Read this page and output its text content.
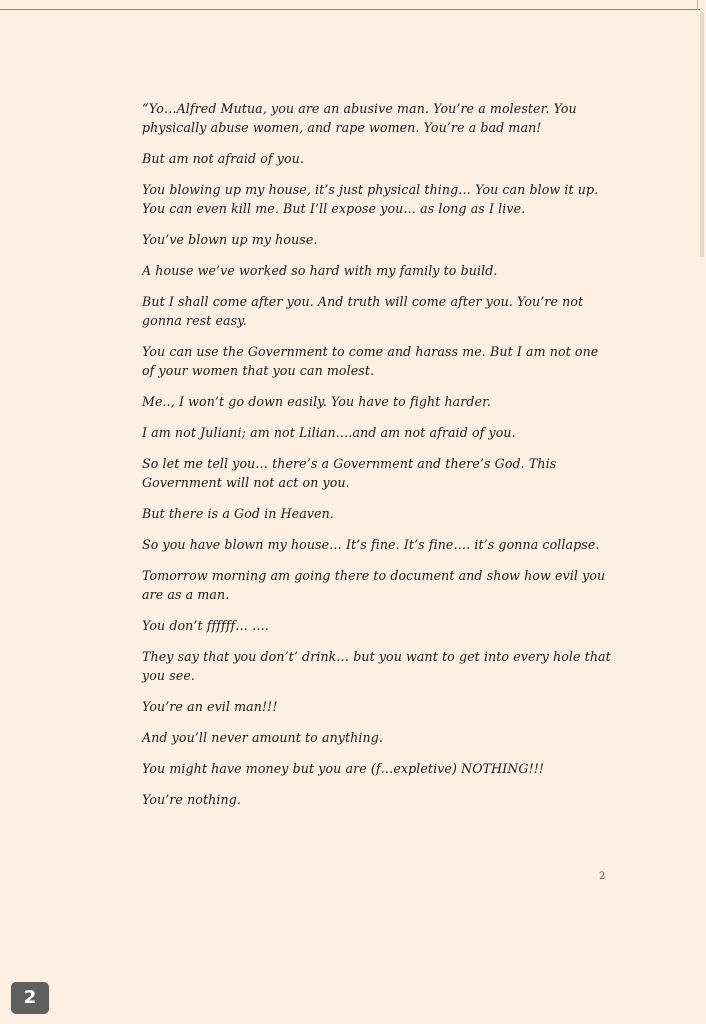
“Yo…Alfred Mutua, you are an abusive man. You’re a molester. You physically abuse women, and rape women. You’re a bad man!

But am not afraid of you.

You blowing up my house, it’s just physical thing… You can blow it up. You can even kill me. But I’ll expose you… as long as I live.

You’ve blown up my house.

A house we’ve worked so hard with my family to build.

But I shall come after you. And truth will come after you. You’re not gonna rest easy.

You can use the Government to come and harass me. But I am not one of your women that you can molest.

Me.., I won’t go down easily. You have to fight harder.

I am not Juliani; am not Lilian….and am not afraid of you.

So let me tell you… there’s a Government and there’s God. This Government will not act on you.

But there is a God in Heaven.

So you have blown my house… It’s fine. It’s fine…. it’s gonna collapse.

Tomorrow morning am going there to document and show how evil you are as a man.

You don’t ffffff… ….

They say that you don’t’ drink… but you want to get into every hole that you see.

You’re an evil man!!!

And you’ll never amount to anything.

You might have money but you are (f…expletive) NOTHING!!!

You’re nothing.

2
2
